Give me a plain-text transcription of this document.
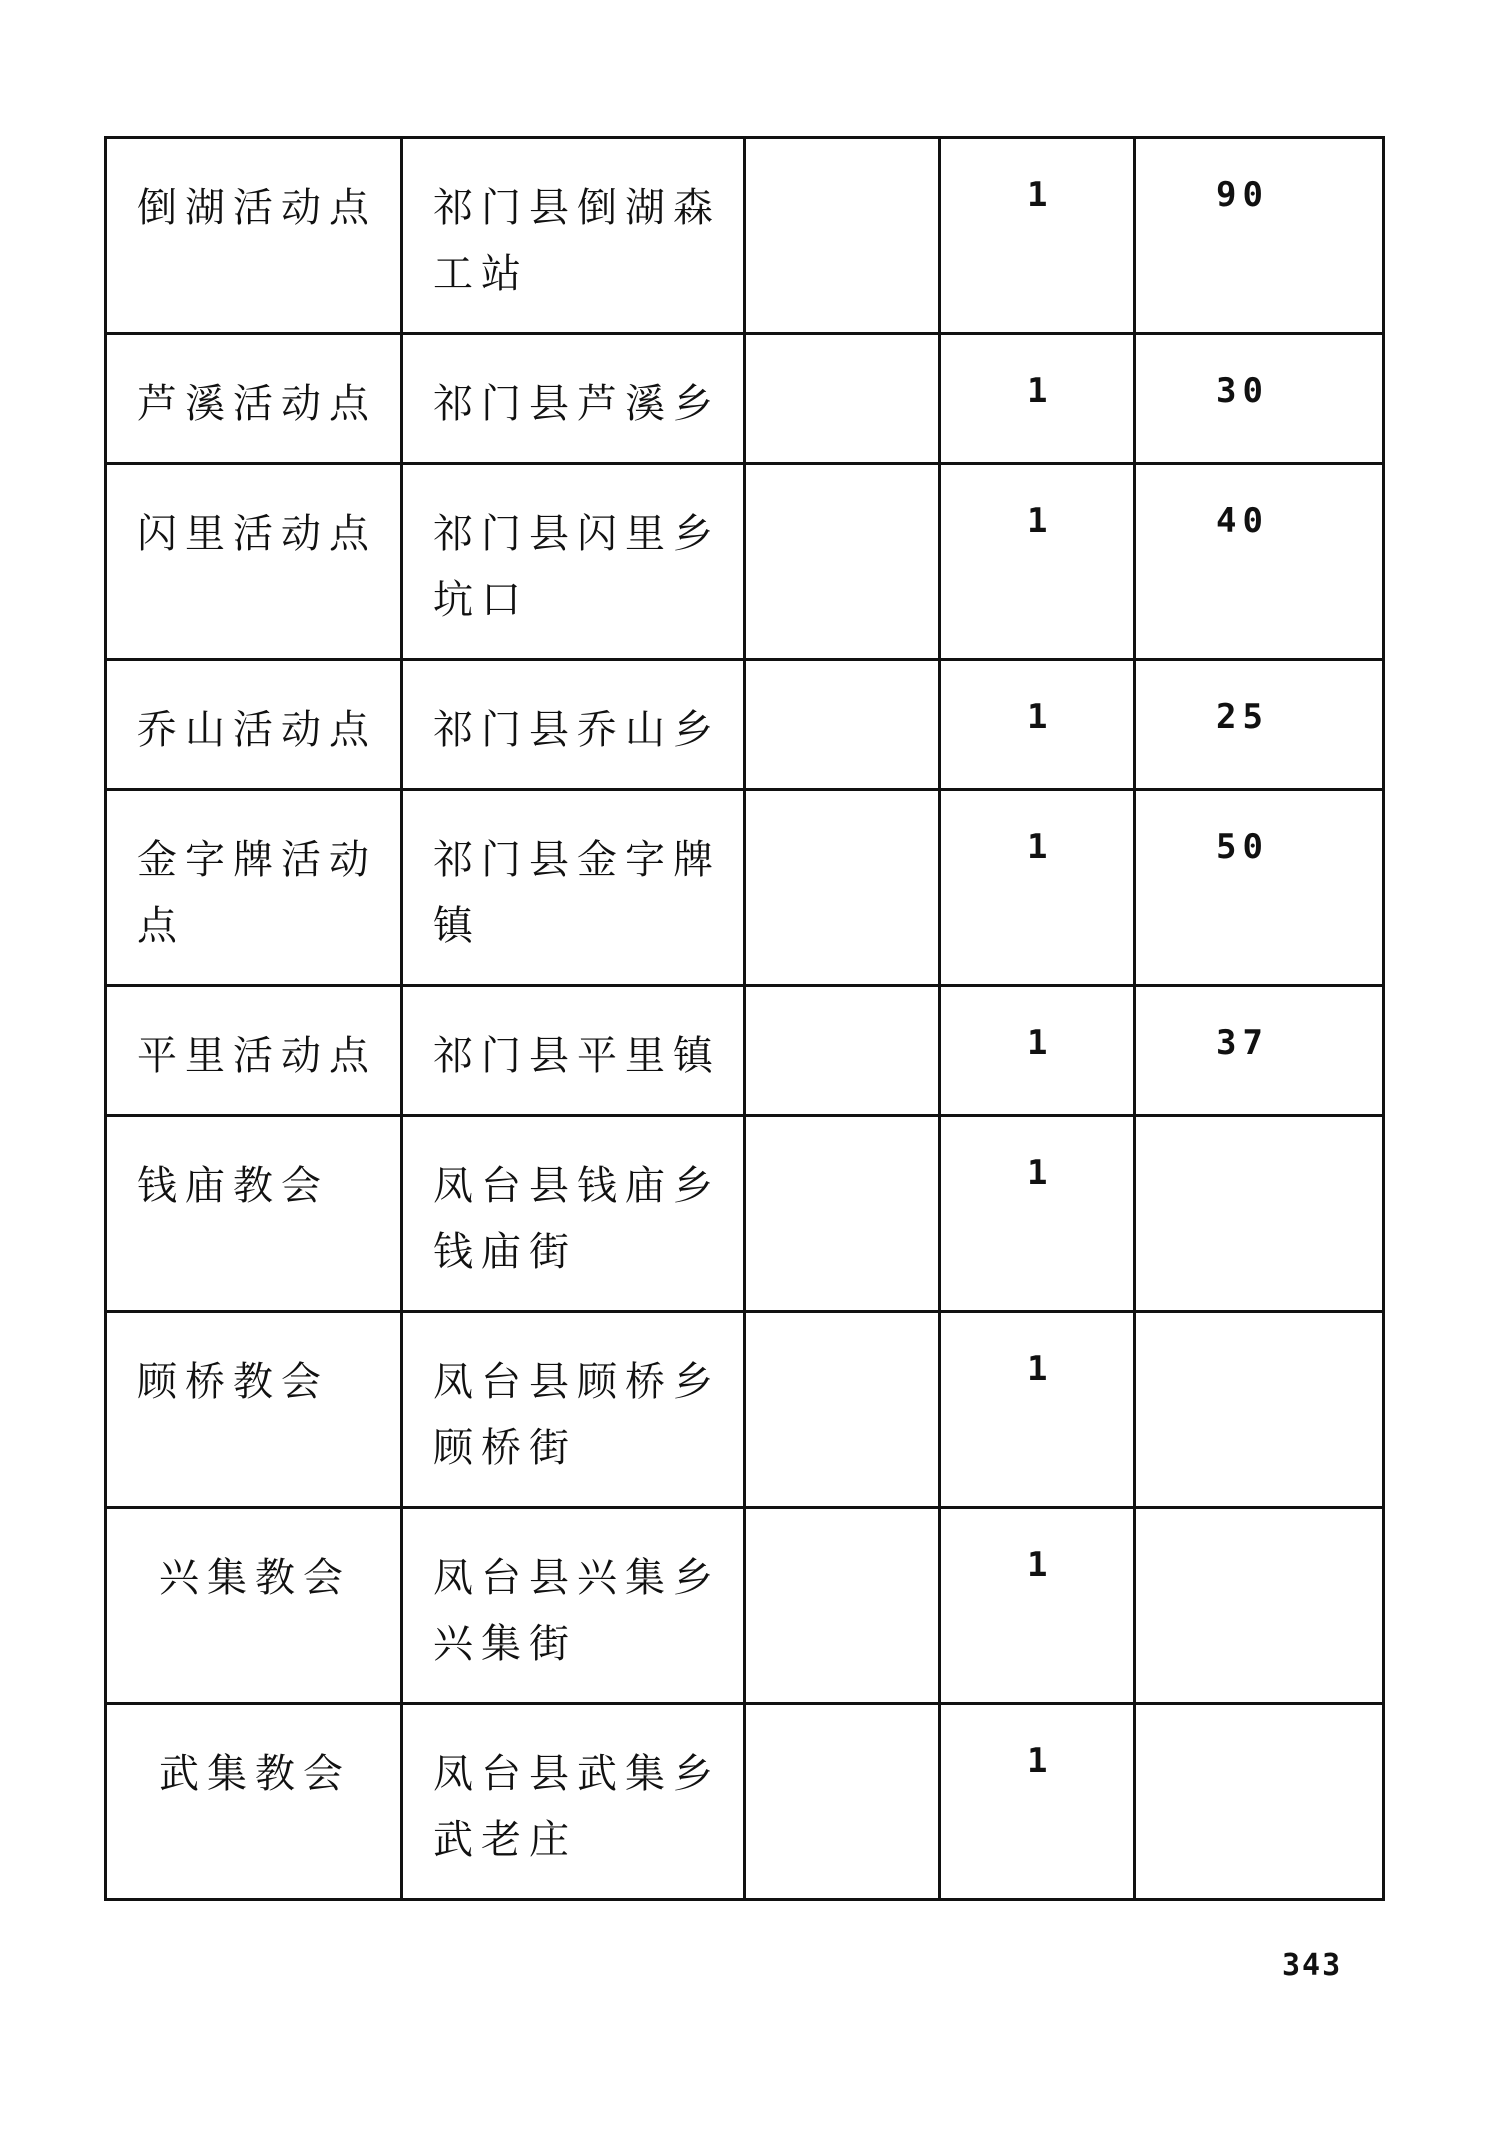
倒湖活动点	祁门县倒湖森工站		1	90

芦溪活动点	祁门县芦溪乡		1	30

闪里活动点	祁门县闪里乡坑口		1	40

乔山活动点	祁门县乔山乡		1	25

金字牌活动点	祁门县金字牌镇		1	50

平里活动点	祁门县平里镇		1	37

钱庙教会	凤台县钱庙乡钱庙街		1	

顾桥教会	凤台县顾桥乡顾桥街		1	

兴集教会	凤台县兴集乡兴集街		1	

武集教会	凤台县武集乡武老庄		1	

343
